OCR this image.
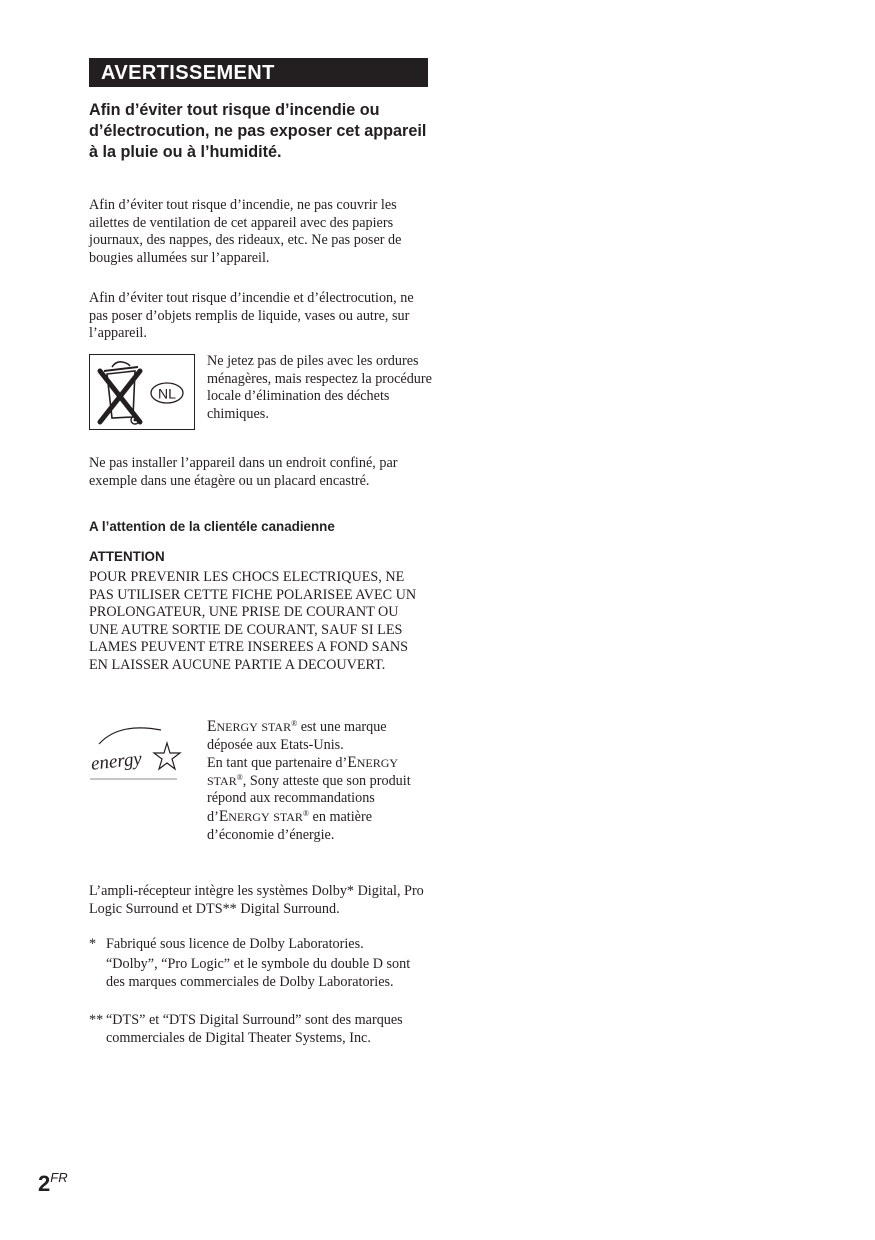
AVERTISSEMENT
Afin d’éviter tout risque d’incendie ou d’électrocution, ne pas exposer cet appareil à la pluie ou à l’humidité.
Afin d’éviter tout risque d’incendie, ne pas couvrir les ailettes de ventilation de cet appareil avec des papiers journaux, des nappes, des rideaux, etc. Ne pas poser de bougies allumées sur l’appareil.
Afin d’éviter tout risque d’incendie et d’électrocution, ne pas poser d’objets remplis de liquide, vases ou autre, sur l’appareil.
NL
Ne jetez pas de piles avec les ordures ménagères, mais respectez la procédure locale d’élimination des déchets chimiques.
Ne pas installer l’appareil dans un endroit confiné, par exemple dans une étagère ou un placard encastré.
A l’attention de la clientéle canadienne
ATTENTION
POUR PREVENIR LES CHOCS ELECTRIQUES, NE PAS UTILISER CETTE FICHE POLARISEE AVEC UN PROLONGATEUR, UNE PRISE DE COURANT OU UNE AUTRE SORTIE DE COURANT, SAUF SI LES LAMES PEUVENT ETRE INSEREES A FOND SANS EN LAISSER AUCUNE PARTIE A DECOUVERT.
energy
ENERGY STAR® est une marque déposée aux Etats-Unis.
En tant que partenaire d’ENERGY STAR®, Sony atteste que son produit répond aux recommandations d’ENERGY STAR® en matière d’économie d’énergie.
L’ampli-récepteur intègre les systèmes Dolby* Digital, Pro Logic Surround et DTS** Digital Surround.
* Fabriqué sous licence de Dolby Laboratories.
“Dolby”, “Pro Logic” et le symbole du double D sont des marques commerciales de Dolby Laboratories.
** “DTS” et “DTS Digital Surround” sont des marques commerciales de Digital Theater Systems, Inc.
$2^{FR}$
